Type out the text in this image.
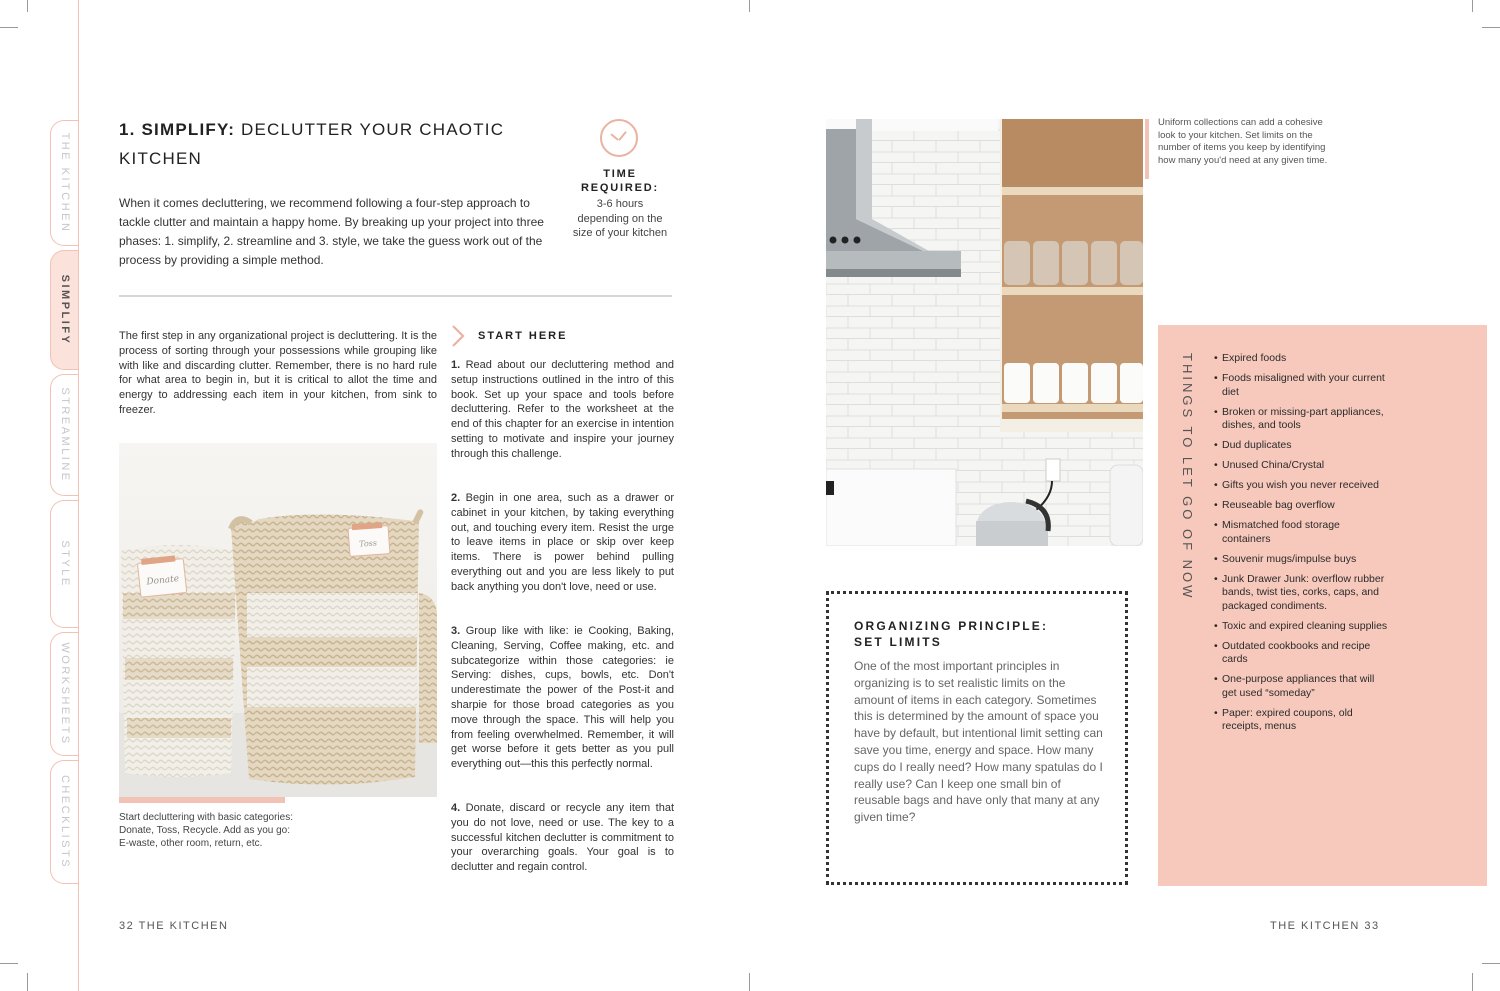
THE KITCHEN
SIMPLIFY
STREAMLINE
STYLE
WORKSHEETS
CHECKLISTS
1. SIMPLIFY: DECLUTTER YOUR CHAOTIC KITCHEN

When it comes decluttering, we recommend following a four-step approach to tackle clutter and maintain a happy home. By breaking up your project into three phases: 1. simplify, 2. streamline and 3. style, we take the guess work out of the process by providing a simple method.

TIME REQUIRED:
3-6 hours depending on the size of your kitchen

The first step in any organizational project is decluttering. It is the process of sorting through your possessions while grouping like with like and discarding clutter. Remember, there is no hard rule for what area to begin in, but it is critical to allot the time and energy to addressing each item in your kitchen, from sink to freezer.

START HERE

1. Read about our decluttering method and setup instructions outlined in the intro of this book. Set up your space and tools before decluttering. Refer to the worksheet at the end of this chapter for an exercise in intention setting to motivate and inspire your journey through this challenge.

2. Begin in one area, such as a drawer or cabinet in your kitchen, by taking everything out, and touching every item. Resist the urge to leave items in place or skip over keep items. There is power behind pulling everything out and you are less likely to put back anything you don't love, need or use.

3. Group like with like: ie Cooking, Baking, Cleaning, Serving, Coffee making, etc. and subcategorize within those categories: ie Serving: dishes, cups, bowls, etc. Don't underestimate the power of the Post-it and sharpie for those broad categories as you move through the space. This will help you from feeling overwhelmed. Remember, it will get worse before it gets better as you pull everything out—this this perfectly normal.

4. Donate, discard or recycle any item that you do not love, need or use. The key to a successful kitchen declutter is commitment to your overarching goals. Your goal is to declutter and regain control.

Donate
Toss

Start decluttering with basic categories: Donate, Toss, Recycle. Add as you go: E-waste, other room, return, etc.

32 THE KITCHEN

Uniform collections can add a cohesive look to your kitchen. Set limits on the number of items you keep by identifying how many you'd need at any given time.

ORGANIZING PRINCIPLE:
SET LIMITS

One of the most important principles in organizing is to set realistic limits on the amount of items in each category. Sometimes this is determined by the amount of space you have by default, but intentional limit setting can save you time, energy and space. How many cups do I really need? How many spatulas do I really use? Can I keep one small bin of reusable bags and have only that many at any given time?

THINGS TO LET GO OF NOW
•	Expired foods
• Foods misaligned with your current diet
• Broken or missing-part appliances, dishes, and tools
• Dud duplicates
• Unused China/Crystal
• Gifts you wish you never received
• Reuseable bag overflow
• Mismatched food storage containers
• Souvenir mugs/impulse buys
• Junk Drawer Junk: overflow rubber bands, twist ties, corks, caps, and packaged condiments.
• Toxic and expired cleaning supplies
• Outdated cookbooks and recipe cards
• One-purpose appliances that will get used “someday”
• Paper: expired coupons, old receipts, menus
THE KITCHEN 33
